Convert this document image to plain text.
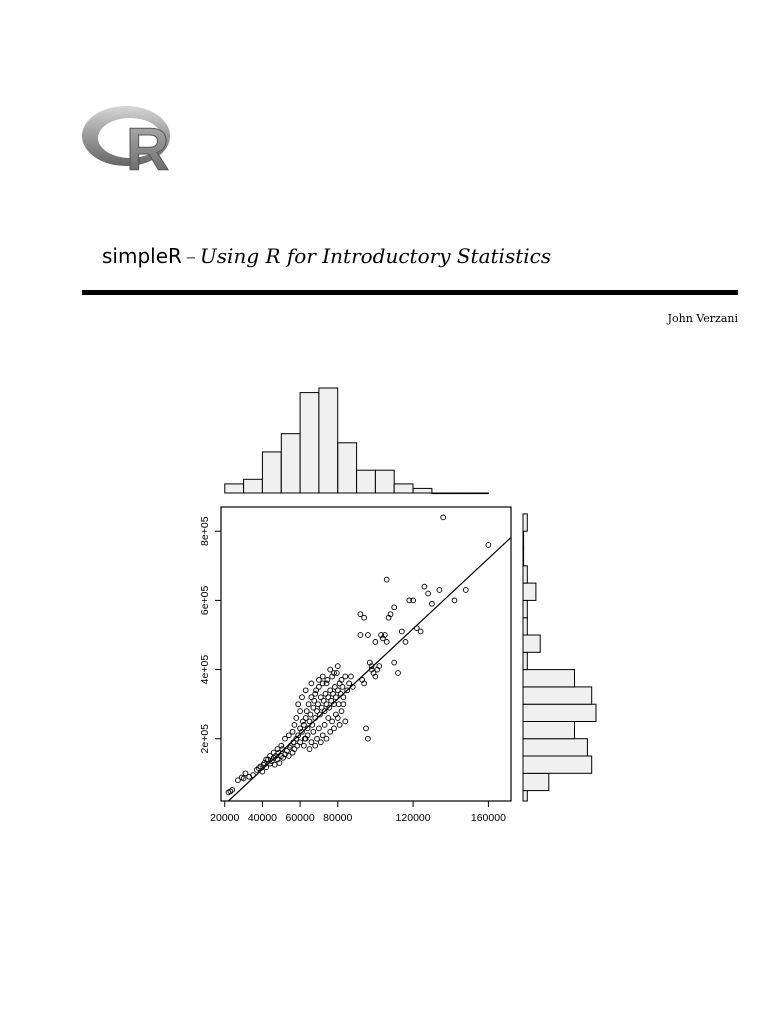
R
simpleR – Using R for Introductory Statistics
John Verzani
20000 40000 60000 80000	120000	160000
2e+05
4e+05
6e+05
8e+05
